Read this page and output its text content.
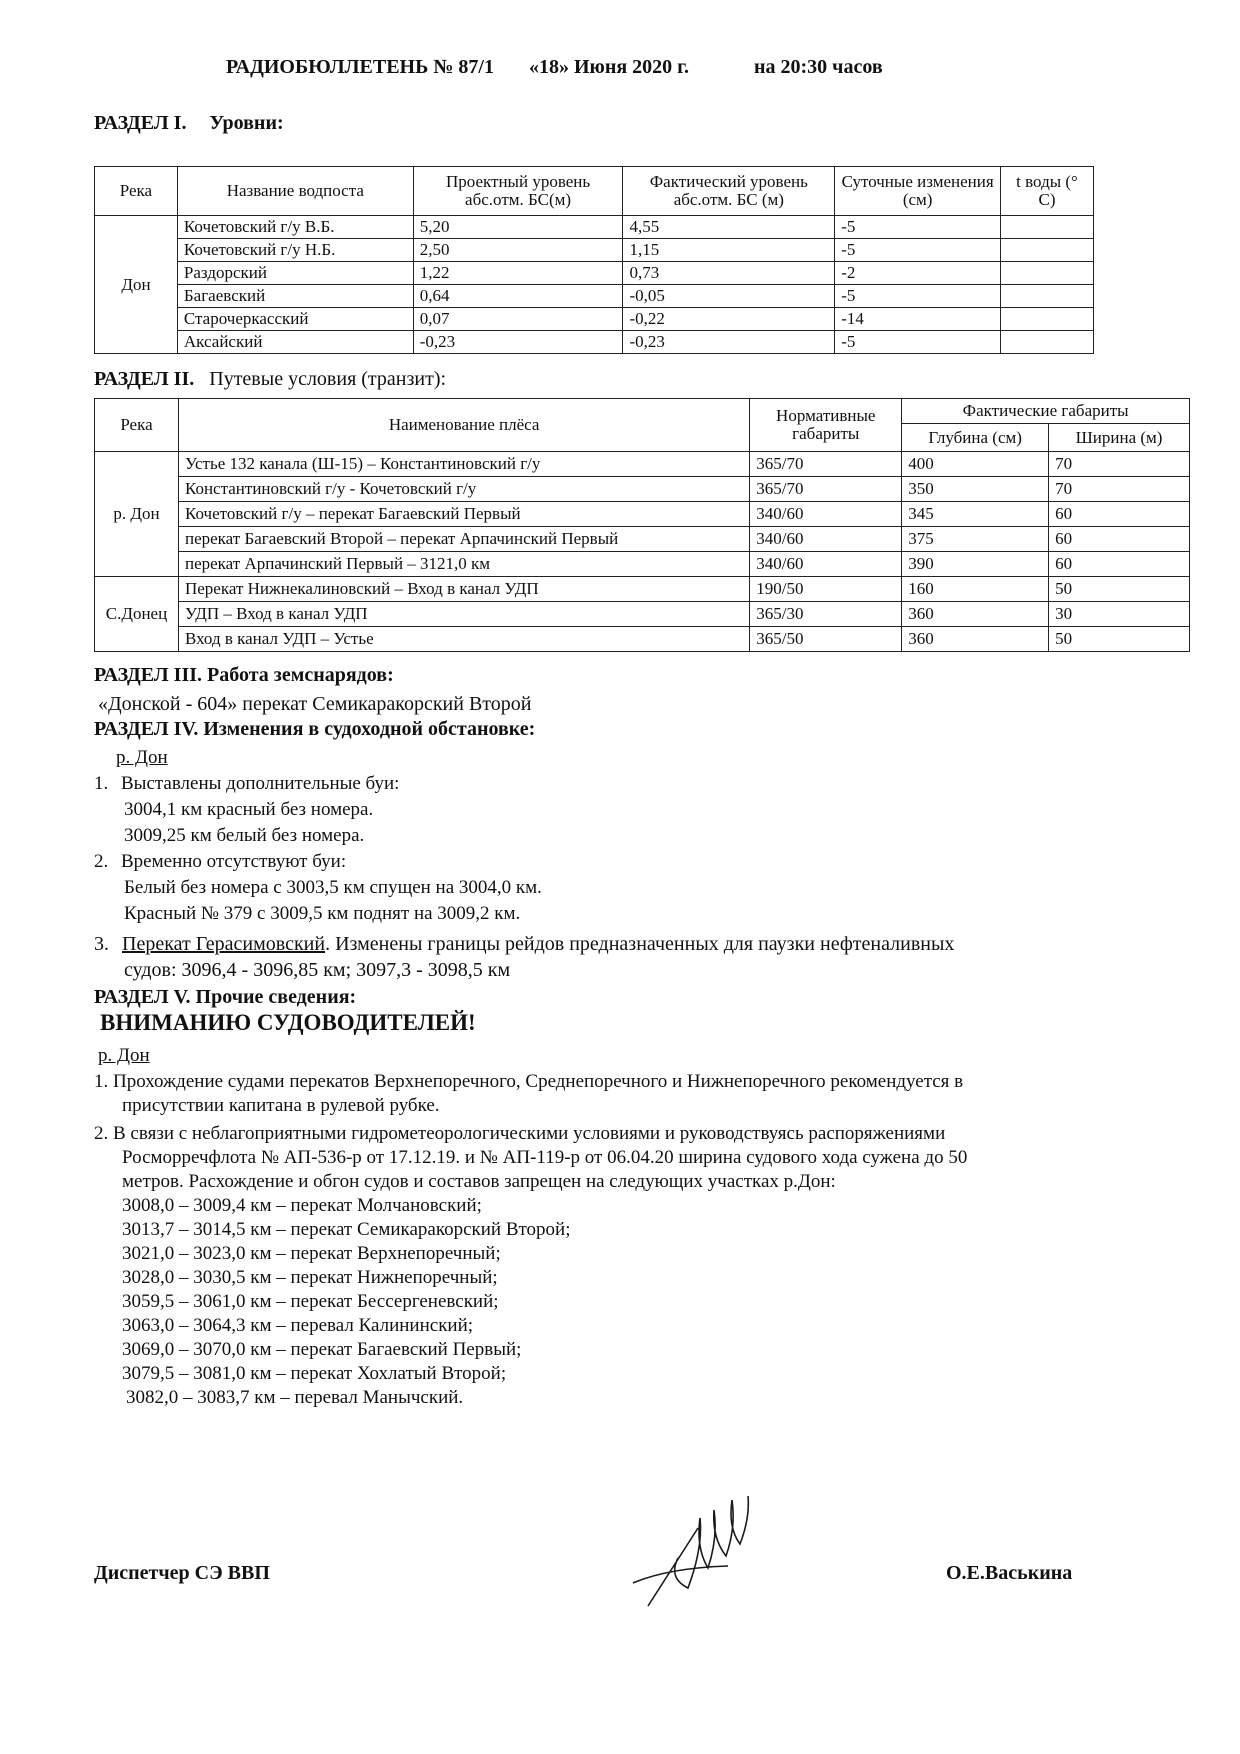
РАДИОБЮЛЛЕТЕНЬ № 87/1 «18» Июня 2020 г.	на 20:30 часов
РАЗДЕЛ I. Уровни:
Река	Название водпоста	Проектный уровень абс.отм. БС(м)	Фактический уровень абс.отм. БС (м)	Суточные изменения (см)	t воды (° С)
Дон	Кочетовский г/у В.Б.	5,20	4,55	-5	
	Кочетовский г/у Н.Б.	2,50	1,15	-5	
	Раздорский	1,22	0,73	-2	
	Багаевский	0,64	-0,05	-5	
	Старочеркасский	0,07	-0,22	-14	
	Аксайский	-0,23	-0,23	-5	
РАЗДЕЛ II. Путевые условия (транзит):
Река	Наименование плёса	Нормативные габариты	Фактические габариты	
			Глубина (см)	Ширина (м)
р. Дон	Устье 132 канала (Ш-15) – Константиновский г/у	365/70	400	70
	Константиновский г/у - Кочетовский г/у	365/70	350	70
	Кочетовский г/у – перекат Багаевский Первый	340/60	345	60
	перекат Багаевский Второй – перекат Арпачинский Первый	340/60	375	60
	перекат Арпачинский Первый – 3121,0 км	340/60	390	60
С.Донец	Перекат Нижнекалиновский – Вход в канал УДП	190/50	160	50
	УДП – Вход в канал УДП	365/30	360	30
	Вход в канал УДП – Устье	365/50	360	50
РАЗДЕЛ III. Работа земснарядов:
«Донской - 604» перекат Семикаракорский Второй
РАЗДЕЛ IV. Изменения в судоходной обстановке:
р. Дон
1. Выставлены дополнительные буи:
3004,1 км красный без номера.
3009,25 км белый без номера.
2. Временно отсутствуют буи:
Белый без номера с 3003,5 км спущен на 3004,0 км.
Красный № 379 с 3009,5 км поднят на 3009,2 км.
3. Перекат Герасимовский. Изменены границы рейдов предназначенных для паузки нефтеналивных
судов: 3096,4 - 3096,85 км; 3097,3 - 3098,5 км
РАЗДЕЛ V. Прочие сведения:
ВНИМАНИЮ СУДОВОДИТЕЛЕЙ!
р. Дон
1. Прохождение судами перекатов Верхнепоречного, Среднепоречного и Нижнепоречного рекомендуется в
присутствии капитана в рулевой рубке.
2. В связи с неблагоприятными гидрометеорологическими условиями и руководствуясь распоряжениями
Росморречфлота № АП-536-р от 17.12.19. и № АП-119-р от 06.04.20 ширина судового хода сужена до 50
метров. Расхождение и обгон судов и составов запрещен на следующих участках р.Дон:
3008,0 – 3009,4 км – перекат Молчановский;
3013,7 – 3014,5 км – перекат Семикаракорский Второй;
3021,0 – 3023,0 км – перекат Верхнепоречный;
3028,0 – 3030,5 км – перекат Нижнепоречный;
3059,5 – 3061,0 км – перекат Бессергеневский;
3063,0 – 3064,3 км – перевал Калининский;
3069,0 – 3070,0 км – перекат Багаевский Первый;
3079,5 – 3081,0 км – перекат Хохлатый Второй;
3082,0 – 3083,7 км – перевал Манычский.
Диспетчер СЭ ВВП	О.Е.Васькина
